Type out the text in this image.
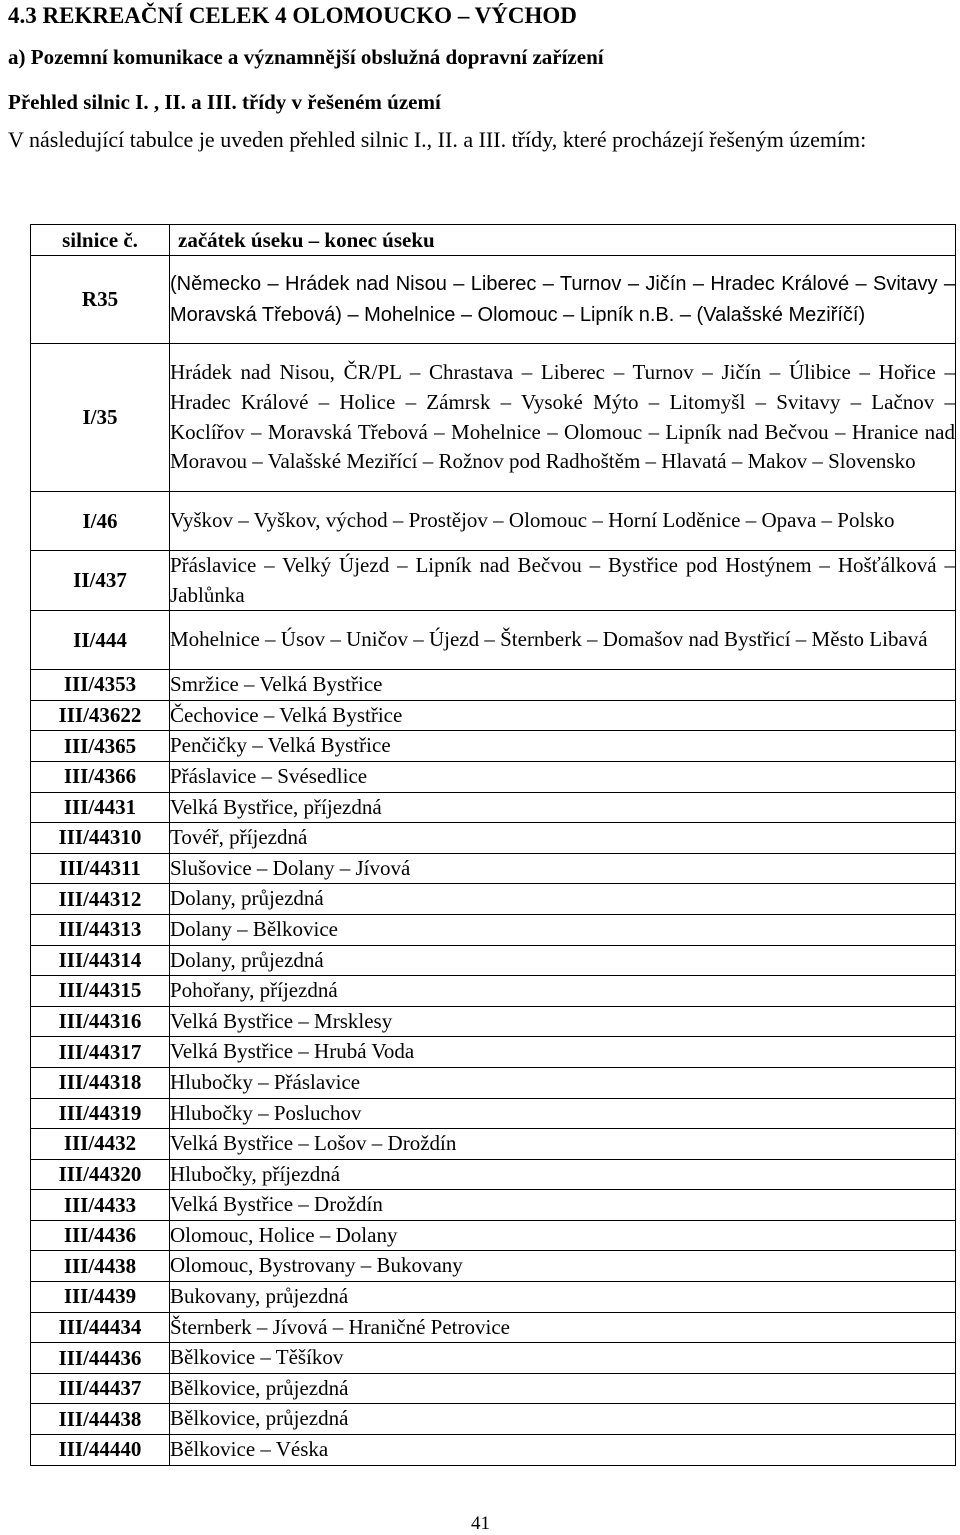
4.3 REKREAČNÍ CELEK 4 OLOMOUCKO – VÝCHOD
a) Pozemní komunikace a významnější obslužná dopravní zařízení
Přehled silnic I. , II. a III. třídy v řešeném území
V následující tabulce je uveden přehled silnic I., II. a III. třídy, které procházejí řešeným územím:
silnice č.	začátek úseku – konec úseku
R35	(Německo – Hrádek nad Nisou – Liberec – Turnov – Jičín – Hradec Králové – Svitavy – Moravská Třebová) – Mohelnice – Olomouc – Lipník n.B. – (Valašské Meziříčí)
I/35	Hrádek nad Nisou, ČR/PL – Chrastava – Liberec – Turnov – Jičín – Úlibice – Hořice – Hradec Králové – Holice – Zámrsk – Vysoké Mýto – Litomyšl – Svitavy – Lačnov – Koclířov – Moravská Třebová – Mohelnice – Olomouc – Lipník nad Bečvou – Hranice nad Moravou – Valašské Meziřící – Rožnov pod Radhoštěm – Hlavatá – Makov – Slovensko
I/46	Vyškov – Vyškov, východ – Prostějov – Olomouc – Horní Loděnice – Opava – Polsko
II/437	Přáslavice – Velký Újezd – Lipník nad Bečvou – Bystřice pod Hostýnem – Hošťálková – Jablůnka
II/444	Mohelnice – Úsov – Uničov – Újezd – Šternberk – Domašov nad Bystřicí – Město Libavá
III/4353	Smržice – Velká Bystřice
III/43622	Čechovice – Velká Bystřice
III/4365	Penčičky – Velká Bystřice
III/4366	Přáslavice – Svésedlice
III/4431	Velká Bystřice, příjezdná
III/44310	Tovéř, příjezdná
III/44311	Slušovice – Dolany – Jívová
III/44312	Dolany, průjezdná
III/44313	Dolany – Bělkovice
III/44314	Dolany, průjezdná
III/44315	Pohořany, příjezdná
III/44316	Velká Bystřice – Mrsklesy
III/44317	Velká Bystřice – Hrubá Voda
III/44318	Hlubočky – Přáslavice
III/44319	Hlubočky – Posluchov
III/4432	Velká Bystřice – Lošov – Droždín
III/44320	Hlubočky, příjezdná
III/4433	Velká Bystřice – Droždín
III/4436	Olomouc, Holice – Dolany
III/4438	Olomouc, Bystrovany – Bukovany
III/4439	Bukovany, průjezdná
III/44434	Šternberk – Jívová – Hraničné Petrovice
III/44436	Bělkovice – Těšíkov
III/44437	Bělkovice, průjezdná
III/44438	Bělkovice, průjezdná
III/44440	Bělkovice – Véska
41
